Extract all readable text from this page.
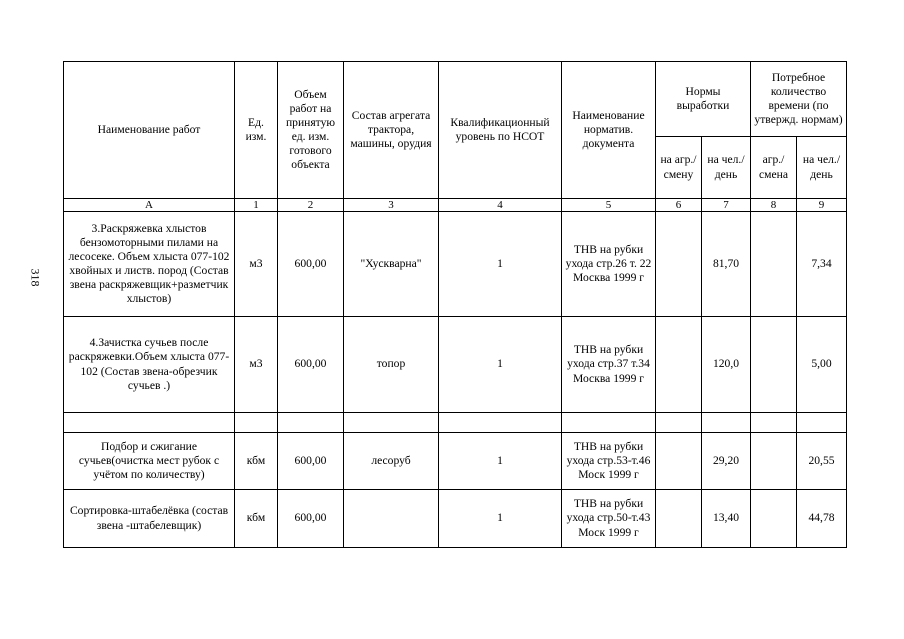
318
Наименование работ	Ед. изм.	Объем работ на принятую ед. изм. готового объекта	Состав агрегата трактора, машины, орудия	Квалификационный уровень по НСОТ	Наименование норматив. документа	Нормы выработки		Потребное количество времени (по утвержд. нормам)	
						на агр./ смену	на чел./ день	агр./ смена	на чел./ день
А	1	2	3	4	5	6	7	8	9
3.Раскряжевка хлыстов бензомоторными пилами на лесосеке. Объем хлыста 077-102 хвойных и листв. пород (Состав звена раскряжевщик+разметчик хлыстов)	м3	600,00	"Хускварна"	1	ТНВ на рубки ухода стр.26 т. 22 Москва 1999 г		81,70		7,34
4.Зачистка сучьев после раскряжевки.Объем хлыста 077-102 (Состав звена-обрезчик сучьев .)	м3	600,00	топор	1	ТНВ на рубки ухода стр.37 т.34 Москва 1999 г		120,0		5,00

Подбор и сжигание сучьев(очистка мест рубок с учётом по количеству)	кбм	600,00	лесоруб	1	ТНВ на рубки ухода стр.53-т.46 Моск 1999 г		29,20		20,55
Сортировка-штабелёвка (состав звена -штабелевщик)	кбм	600,00		1	ТНВ на рубки ухода стр.50-т.43 Моск 1999 г		13,40		44,78
